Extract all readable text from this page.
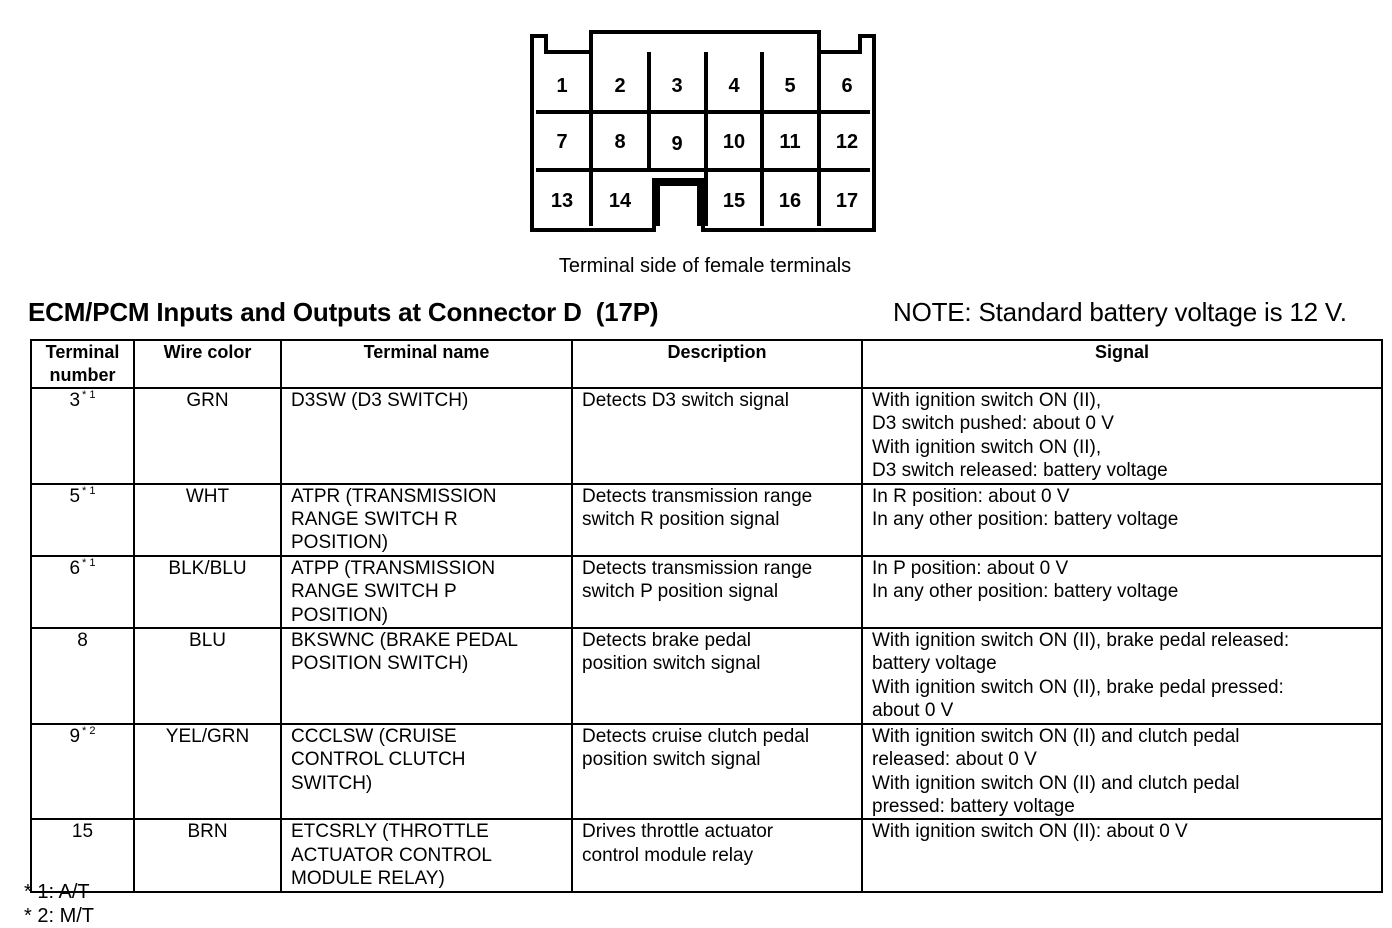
1 2 3 4 5 6
7 8 9 10 11 12
13 14	15 16 17
Terminal side of female terminals
ECM/PCM Inputs and Outputs at Connector D  (17P)	NOTE: Standard battery voltage is 12 V.
Terminal number	Wire color	Terminal name	Description	Signal
3 $^{* 1}$	GRN	D3SW (D3 SWITCH)	Detects D3 switch signal	With ignition switch ON (II),
D3 switch pushed: about 0 V
With ignition switch ON (II),
D3 switch released: battery voltage

5 $^{* 1}$	WHT	ATPR (TRANSMISSION
RANGE SWITCH R
POSITION)	Detects transmission range
switch R position signal	In R position: about 0 V
In any other position: battery voltage

6 $^{* 1}$	BLK/BLU	ATPP (TRANSMISSION
RANGE SWITCH P
POSITION)	Detects transmission range
switch P position signal	In P position: about 0 V
In any other position: battery voltage

8	BLU	BKSWNC (BRAKE PEDAL
POSITION SWITCH)	Detects brake pedal
position switch signal	With ignition switch ON (II), brake pedal released:
battery voltage
With ignition switch ON (II), brake pedal pressed:
about 0 V

9 $^{* 2}$	YEL/GRN	CCCLSW (CRUISE
CONTROL CLUTCH
SWITCH)	Detects cruise clutch pedal
position switch signal	With ignition switch ON (II) and clutch pedal
released: about 0 V
With ignition switch ON (II) and clutch pedal
pressed: battery voltage

15	BRN	ETCSRLY (THROTTLE
ACTUATOR CONTROL
MODULE RELAY)	Drives throttle actuator
control module relay	With ignition switch ON (II): about 0 V
* 1: A/T
* 2: M/T
